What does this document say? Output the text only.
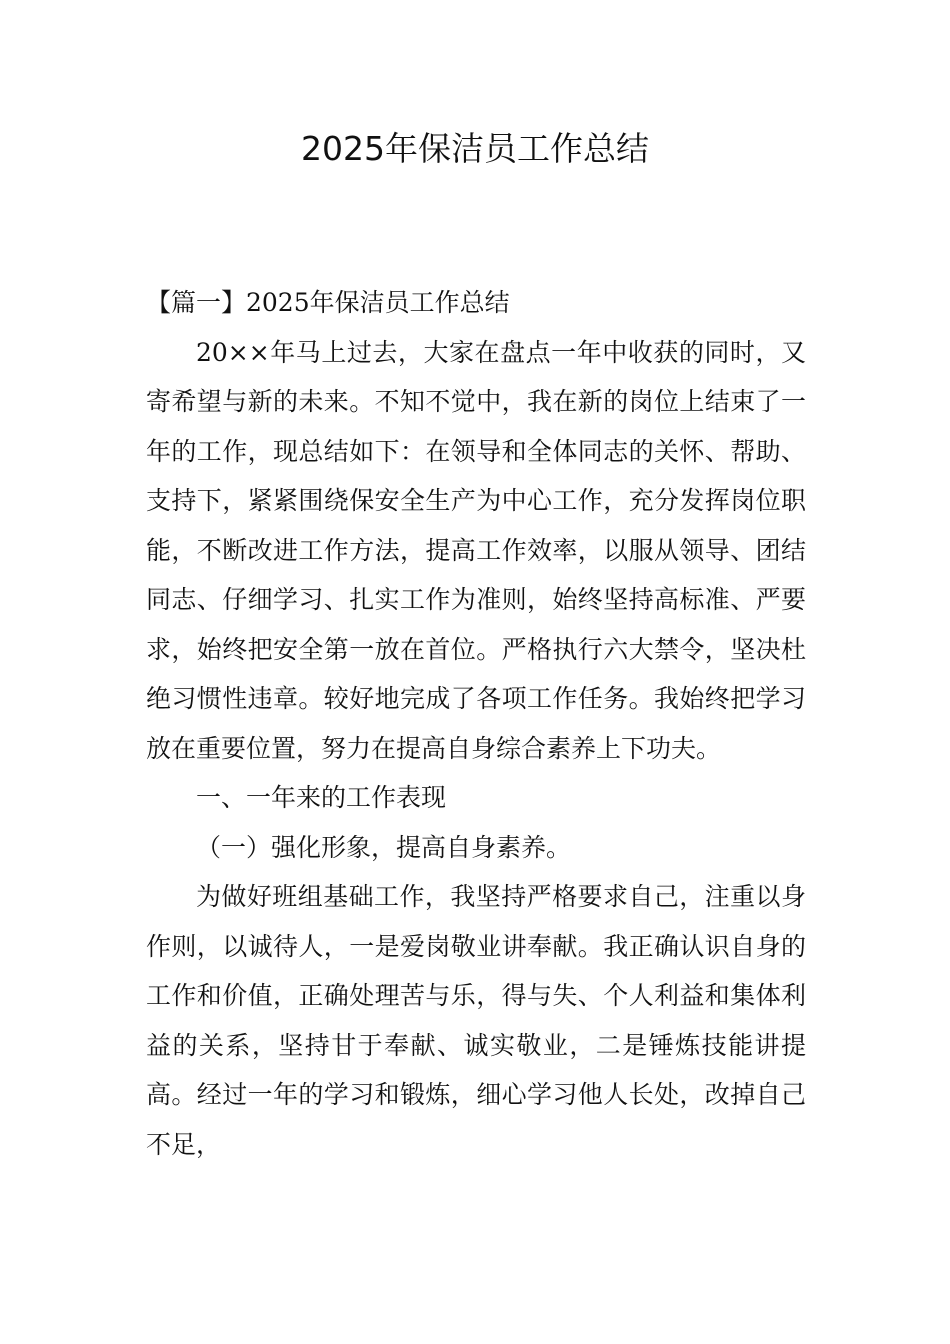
2025年保洁员工作总结

【篇一】2025年保洁员工作总结

20××年马上过去，大家在盘点一年中收获的同时，又寄希望与新的未来。不知不觉中，我在新的岗位上结束了一年的工作，现总结如下：在领导和全体同志的关怀、帮助、支持下，紧紧围绕保安全生产为中心工作，充分发挥岗位职能，不断改进工作方法，提高工作效率，以服从领导、团结同志、仔细学习、扎实工作为准则，始终坚持高标准、严要求，始终把安全第一放在首位。严格执行六大禁令，坚决杜绝习惯性违章。较好地完成了各项工作任务。我始终把学习放在重要位置，努力在提高自身综合素养上下功夫。

一、一年来的工作表现

（一）强化形象，提高自身素养。

为做好班组基础工作，我坚持严格要求自己，注重以身作则，以诚待人，一是爱岗敬业讲奉献。我正确认识自身的工作和价值，正确处理苦与乐，得与失、个人利益和集体利益的关系，坚持甘于奉献、诚实敬业，二是锤炼技能讲提高。经过一年的学习和锻炼，细心学习他人长处，改掉自己不足，
